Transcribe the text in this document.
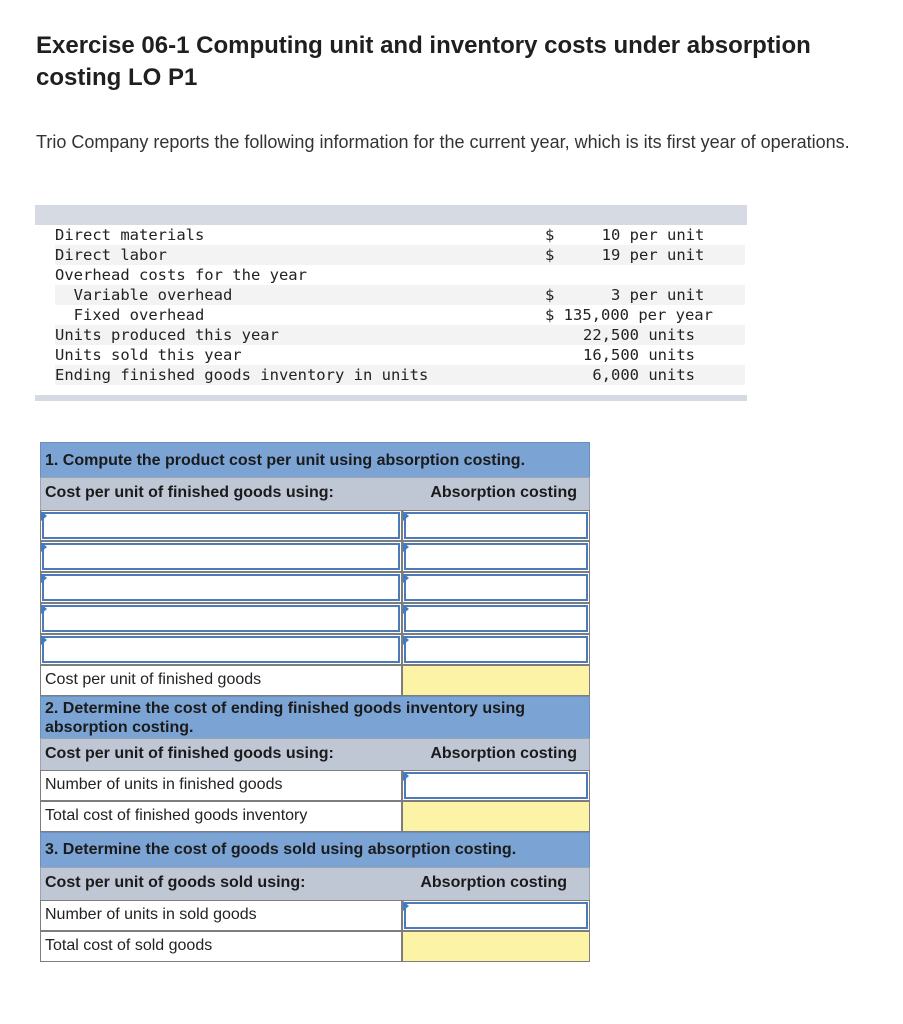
Exercise 06-1 Computing unit and inventory costs under absorption costing LO P1

Trio Company reports the following information for the current year, which is its first year of operations.

Direct materials	$ 10 per unit
Direct labor	$ 19 per unit
Overhead costs for the year
Variable overhead	$ 3 per unit
Fixed overhead	$ 135,000 per year
Units produced this year	22,500 units
Units sold this year	16,500 units
Ending finished goods inventory in units	6,000 units
1. Compute the product cost per unit using absorption costing.
Cost per unit of finished goods using:	Absorption costing
Cost per unit of finished goods
2. Determine the cost of ending finished goods inventory using absorption costing.
Cost per unit of finished goods using:	Absorption costing
Number of units in finished goods
Total cost of finished goods inventory
3. Determine the cost of goods sold using absorption costing.
Cost per unit of goods sold using:	Absorption costing
Number of units in sold goods
Total cost of sold goods
